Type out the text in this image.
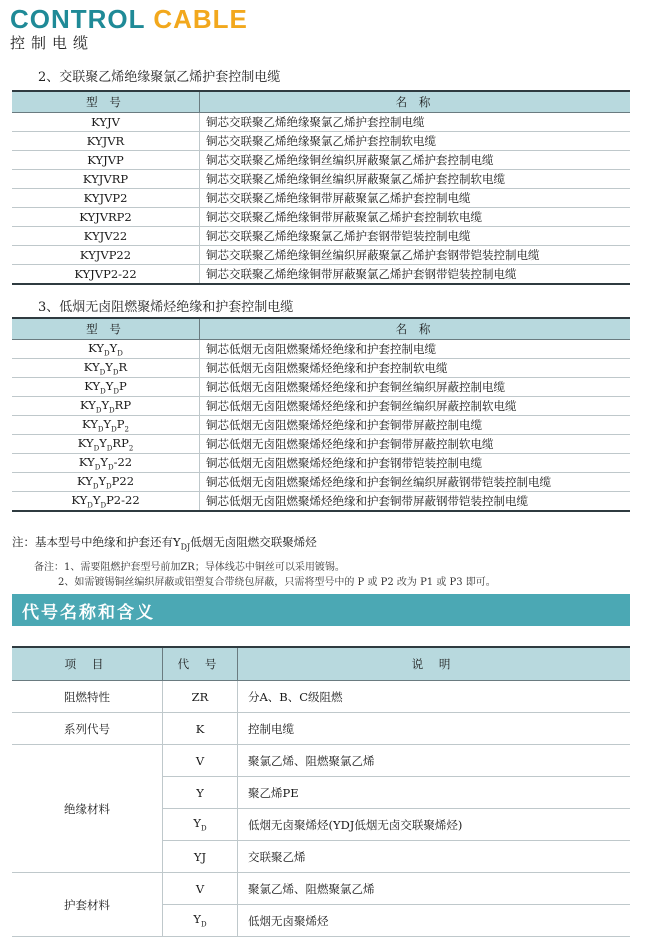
CONTROL CABLE
控制电缆
2、交联聚乙烯绝缘聚氯乙烯护套控制电缆
型 号	名 称
KYJV	铜芯交联聚乙烯绝缘聚氯乙烯护套控制电缆
KYJVR	铜芯交联聚乙烯绝缘聚氯乙烯护套控制软电缆
KYJVP	铜芯交联聚乙烯绝缘铜丝编织屏蔽聚氯乙烯护套控制电缆
KYJVRP	铜芯交联聚乙烯绝缘铜丝编织屏蔽聚氯乙烯护套控制软电缆
KYJVP2	铜芯交联聚乙烯绝缘铜带屏蔽聚氯乙烯护套控制电缆
KYJVRP2	铜芯交联聚乙烯绝缘铜带屏蔽聚氯乙烯护套控制软电缆
KYJV22	铜芯交联聚乙烯绝缘聚氯乙烯护套钢带铠装控制电缆
KYJVP22	铜芯交联聚乙烯绝缘铜丝编织屏蔽聚氯乙烯护套钢带铠装控制电缆
KYJVP2-22	铜芯交联聚乙烯绝缘铜带屏蔽聚氯乙烯护套钢带铠装控制电缆
3、低烟无卤阻燃聚烯烃绝缘和护套控制电缆
型 号	名 称
$KY_DY_D$	铜芯低烟无卤阻燃聚烯烃绝缘和护套控制电缆
$KY_DY_DR$	铜芯低烟无卤阻燃聚烯烃绝缘和护套控制软电缆
$KY_DY_DP$	铜芯低烟无卤阻燃聚烯烃绝缘和护套铜丝编织屏蔽控制电缆
$KY_DY_DRP$	铜芯低烟无卤阻燃聚烯烃绝缘和护套铜丝编织屏蔽控制软电缆
$KY_DY_DP_2$	铜芯低烟无卤阻燃聚烯烃绝缘和护套铜带屏蔽控制电缆
$KY_DY_DRP_2$	铜芯低烟无卤阻燃聚烯烃绝缘和护套铜带屏蔽控制软电缆
$KY_DY_D-22$	铜芯低烟无卤阻燃聚烯烃绝缘和护套钢带铠装控制电缆
$KY_DY_DP22$	铜芯低烟无卤阻燃聚烯烃绝缘和护套铜丝编织屏蔽钢带铠装控制电缆
$KY_DY_DP2-22$	铜芯低烟无卤阻燃聚烯烃绝缘和护套铜带屏蔽钢带铠装控制电缆
注：基本型号中绝缘和护套还有$Y_{DJ}$低烟无卤阻燃交联聚烯烃
备注：1、需要阻燃护套型号前加ZR；导体线芯中铜丝可以采用镀锡。
2、如需镀锡铜丝编织屏蔽或铝塑复合带绕包屏蔽，只需将型号中的 P 或 P2 改为 P1 或 P3 即可。
代号名称和含义
项 目	代 号	说 明
阻燃特性	ZR	分A、B、C级阻燃
系列代号	K	控制电缆
绝缘材料	V	聚氯乙烯、阻燃聚氯乙烯
	Y	聚乙烯PE
	$Y_D$	低烟无卤聚烯烃(YDJ低烟无卤交联聚烯烃)
	YJ	交联聚乙烯
护套材料	V	聚氯乙烯、阻燃聚氯乙烯
	$Y_D$	低烟无卤聚烯烃
